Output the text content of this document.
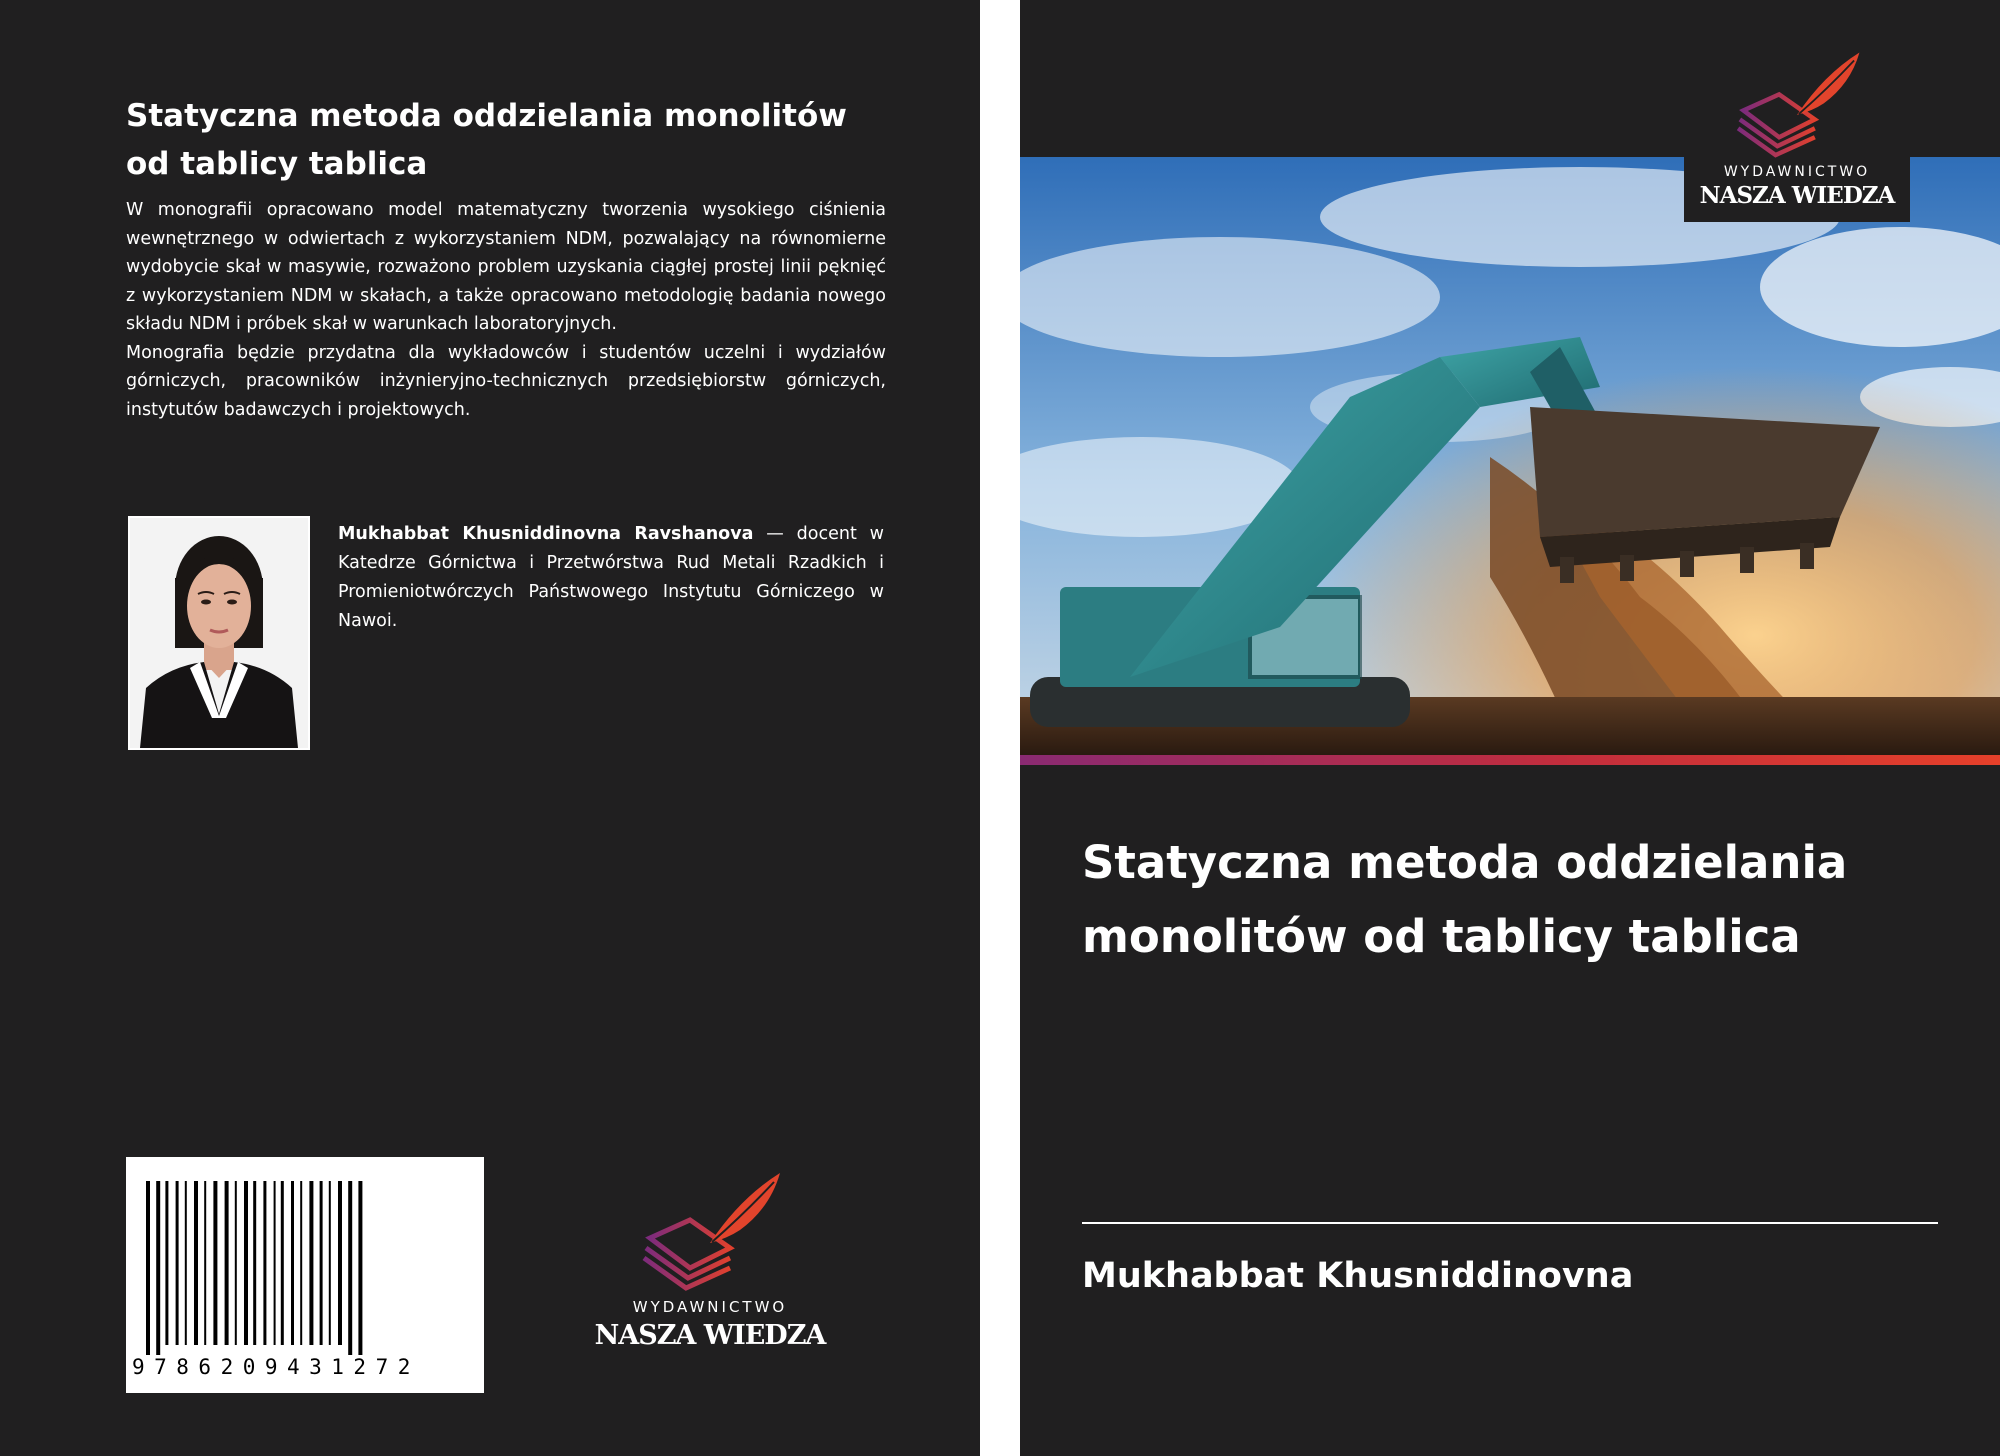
Statyczna metoda oddzielania monolitów od tablicy tablica

W monografii opracowano model matematyczny tworzenia wysokiego ciśnienia wewnętrznego w odwiertach z wykorzystaniem NDM, pozwalający na równomierne wydobycie skał w masywie, rozważono problem uzyskania ciągłej prostej linii pęknięć z wykorzystaniem NDM w skałach, a także opracowano metodologię badania nowego składu NDM i próbek skał w warunkach laboratoryjnych.

Monografia będzie przydatna dla wykładowców i studentów uczelni i wydziałów górniczych, pracowników inżynieryjno-technicznych przedsiębiorstw górniczych, instytutów badawczych i projektowych.

Mukhabbat Khusniddinovna Ravshanova — docent w Katedrze Górnictwa i Przetwórstwa Rud Metali Rzadkich i Promieniotwórczych Państwowego Instytutu Górniczego w Nawoi.

9786209431272
WYDAWNICTWO
NASZA WIEDZA
WYDAWNICTWO
NASZA WIEDZA
Statyczna metoda oddzielania monolitów od tablicy tablica

Mukhabbat Khusniddinovna
